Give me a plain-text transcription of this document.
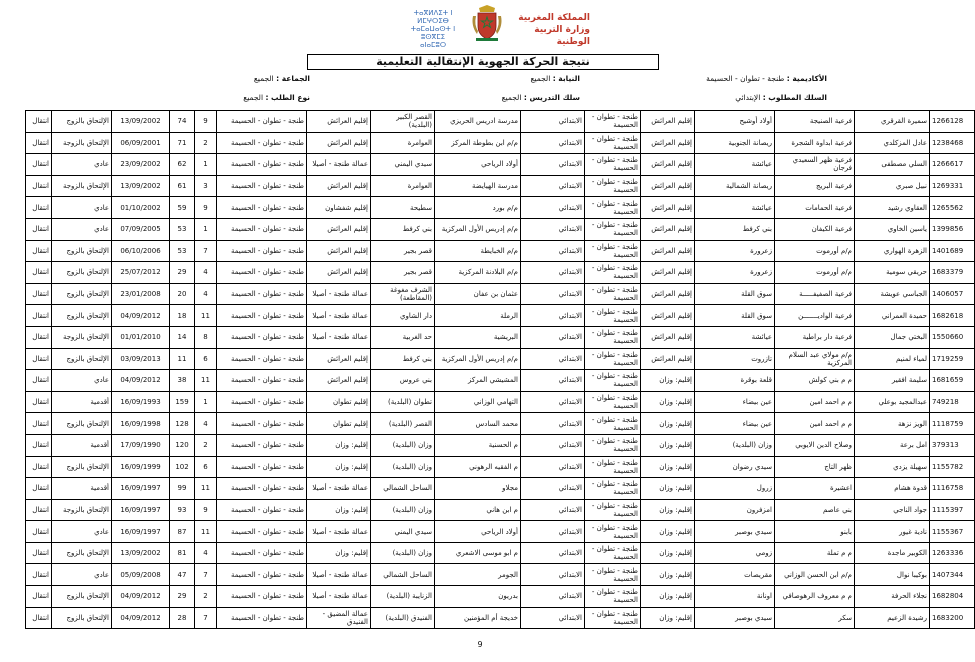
ⵜⴰⴳⵍⴷⵉⵜ ⵏ ⵍⵎⵖⵔⵉⴱ
ⵜⴰⵎⴰⵡⴰⵙⵜ ⵏ ⵓⵙⴳⵎⵉ
ⴰⵏⴰⵎⵓⵔ
المملكة المغربية
وزارة التربية الوطنية
نتيجة الحركة الجهوية الإنتقالية التعليمية
الأكاديمية : طنجة - تطوان - الحسيمة
النيابة : الجميع
الجماعة : الجميع
السلك المطلوب : الإبتدائي
سلك التدريس : الجميع
نوع الطلب : الجميع
1266128	سميرة القرقري	فرعية الصنيجة	أولاد أوشيح	إقليم العرائش	طنجة - تطوان - الحسيمة	الابتدائي	مدرسة ادريس الحريزي	القصر الكبير (البلدية)	إقليم العرائش	طنجة - تطوان - الحسيمة	9	74	13/09/2002	الإلتحاق بالزوج	انتقال
1238468	عادل المزكلدي	فرعية ابداوة الشجرة	ريصانة الجنوبية	إقليم العرائش	طنجة - تطوان - الحسيمة	الابتدائي	م/م ابن بطوطة المركز	العوامرة	إقليم العرائش	طنجة - تطوان - الحسيمة	2	71	06/09/2001	الإلتحاق بالزوجة	انتقال
1266617	السلي مصطفى	فرعية ظهر السعيدي فرجان	عيائشة	إقليم العرائش	طنجة - تطوان - الحسيمة	الابتدائي	أولاد الرياحي	سيدي اليمني	عمالة طنجة - أصيلا	طنجة - تطوان - الحسيمة	1	62	23/09/2002	عادي	انتقال
1269331	نبيل صبري	فرعية البريج	ريصانة الشمالية	إقليم العرائش	طنجة - تطوان - الحسيمة	الابتدائي	مدرسة الهيايضة	العوامرة	إقليم العرائش	طنجة - تطوان - الحسيمة	3	61	13/09/2002	الإلتحاق بالزوجة	انتقال
1265562	العقاوي رشيد	فرعية الحمامات	عيائشة	إقليم العرائش	طنجة - تطوان - الحسيمة	الابتدائي	م/م بورد	سطيحة	إقليم شفشاون	طنجة - تطوان - الحسيمة	9	59	01/10/2002	عادي	انتقال
1399856	ياسين الخاوي	فرعية الكيفان	بني كرفط	إقليم العرائش	طنجة - تطوان - الحسيمة	الابتدائي	م/م إدريس الأول المركزية	بني كرفط	إقليم العرائش	طنجة - تطوان - الحسيمة	1	53	07/09/2005	عادي	انتقال
1401689	الزهرة الهواري	م/م أورموت	زعرورة	إقليم العرائش	طنجة - تطوان - الحسيمة	الابتدائي	م/م الخبايطة	قصر بجير	إقليم العرائش	طنجة - تطوان - الحسيمة	7	53	06/10/2006	الإلتحاق بالزوج	انتقال
1683379	حريقي سومية	م/م أورموت	زعرورة	إقليم العرائش	طنجة - تطوان - الحسيمة	الابتدائي	م/م البلادنة المركزية	قصر بجير	إقليم العرائش	طنجة - تطوان - الحسيمة	4	29	25/07/2012	الإلتحاق بالزوج	انتقال
1406057	الجباسي عويشة	فرعية الصفيفـــــة	سوق القلة	إقليم العرائش	طنجة - تطوان - الحسيمة	الابتدائي	عثمان بن عفان	الشرف مغوغة (المقاطعة)	عمالة طنجة - أصيلا	طنجة - تطوان - الحسيمة	4	20	23/01/2008	الإلتحاق بالزوج	انتقال
1682618	حميدة العمراني	فرعية الواديـــــــن	سوق القلة	إقليم العرائش	طنجة - تطوان - الحسيمة	الابتدائي	الرملة	دار الشاوي	عمالة طنجة - أصيلا	طنجة - تطوان - الحسيمة	11	18	04/09/2012	الإلتحاق بالزوج	انتقال
1550660	البختي جمال	فرعية دار براطية	عيائشة	إقليم العرائش	طنجة - تطوان - الحسيمة	الابتدائي	البريشية	حد الغربية	عمالة طنجة - أصيلا	طنجة - تطوان - الحسيمة	8	14	01/01/2010	الإلتحاق بالزوجة	انتقال
1719259	لمياء لمنيم	م/م مولاي عبد السلام المركزية	تازروت	إقليم العرائش	طنجة - تطوان - الحسيمة	الابتدائي	م/م إدريس الأول المركزية	بني كرفط	إقليم العرائش	طنجة - تطوان - الحسيمة	6	11	03/09/2013	الإلتحاق بالزوج	انتقال
1681659	سليمة افقير	م م بني كولش	قلعة بوقرة	إقليم: وزان	طنجة - تطوان - الحسيمة	الابتدائي	المشيشي المركز	بني عروس	إقليم العرائش	طنجة - تطوان - الحسيمة	11	38	04/09/2012	عادي	انتقال
749218	عبدالمجيد بوعلي	م م احمد امين	عين بيضاء	إقليم: وزان	طنجة - تطوان - الحسيمة	الابتدائي	التهامي الوزاني	تطوان (البلدية)	إقليم تطوان	طنجة - تطوان - الحسيمة	1	159	16/09/1993	أقدمية	انتقال
1118759	الويز نزهة	م م احمد امين	عين بيضاء	إقليم: وزان	طنجة - تطوان - الحسيمة	الابتدائي	محمد السادس	القصر (البلدية)	إقليم تطوان	طنجة - تطوان - الحسيمة	4	128	16/09/1998	الإلتحاق بالزوج	انتقال
379313	امل برعة	وصلاح الدين الايوبي	وزان (البلدية)	إقليم: وزان	طنجة - تطوان - الحسيمة	الابتدائي	م الحسنية	وزان (البلدية)	إقليم: وزان	طنجة - تطوان - الحسيمة	2	120	17/09/1990	أقدمية	انتقال
1155782	سهيلة يزدي	ظهر التاج	سيدي رضوان	إقليم: وزان	طنجة - تطوان - الحسيمة	الابتدائي	م الفقيه الرهوني	وزان (البلدية)	إقليم: وزان	طنجة - تطوان - الحسيمة	6	102	16/09/1999	الإلتحاق بالزوج	انتقال
1116758	قدوة هشام	اعشيرة	زرول	إقليم: وزان	طنجة - تطوان - الحسيمة	الابتدائي	مجلاو	الساحل الشمالي	عمالة طنجة - أصيلا	طنجة - تطوان - الحسيمة	11	99	16/09/1997	أقدمية	انتقال
1115397	جواد الناجي	بني عاصم	امزفرون	إقليم: وزان	طنجة - تطوان - الحسيمة	الابتدائي	م ابن هاني	وزان (البلدية)	إقليم: وزان	طنجة - تطوان - الحسيمة	9	93	16/09/1997	الإلتحاق بالزوجة	انتقال
1155367	نادية غيور	بابنو	سيدي بوصبر	إقليم: وزان	طنجة - تطوان - الحسيمة	الابتدائي	أولاد الرياحي	سيدي اليمني	عمالة طنجة - أصيلا	طنجة - تطوان - الحسيمة	11	87	16/09/1997	عادي	انتقال
1263336	الكوبير ماجدة	م م تملة	زومي	إقليم: وزان	طنجة - تطوان - الحسيمة	الابتدائي	م ابو موسى الاشعري	وزان (البلدية)	إقليم: وزان	طنجة - تطوان - الحسيمة	4	81	13/09/2002	الإلتحاق بالزوج	انتقال
1407344	بوكيبا نوال	م/م ابن الحسن الوزاني	مقريصات	إقليم: وزان	طنجة - تطوان - الحسيمة	الابتدائي	الجومر	الساحل الشمالي	عمالة طنجة - أصيلا	طنجة - تطوان - الحسيمة	7	47	05/09/2008	عادي	انتقال
1682804	نجلاء الحرفة	م م معروف الرهوصافي	اونانة	إقليم: وزان	طنجة - تطوان - الحسيمة	الابتدائي	بدريون	الزنايبة (البلدية)	عمالة طنجة - أصيلا	طنجة - تطوان - الحسيمة	2	29	04/09/2012	الإلتحاق بالزوج	انتقال
1683200	رشيدة الزعيم	سكر	سيدي بوصبر	إقليم: وزان	طنجة - تطوان - الحسيمة	الابتدائي	خديجة أم المؤمنين	الفنيدق (البلدية)	عمالة المضيق - الفنيدق	طنجة - تطوان - الحسيمة	7	28	04/09/2012	الإلتحاق بالزوج	انتقال
9
